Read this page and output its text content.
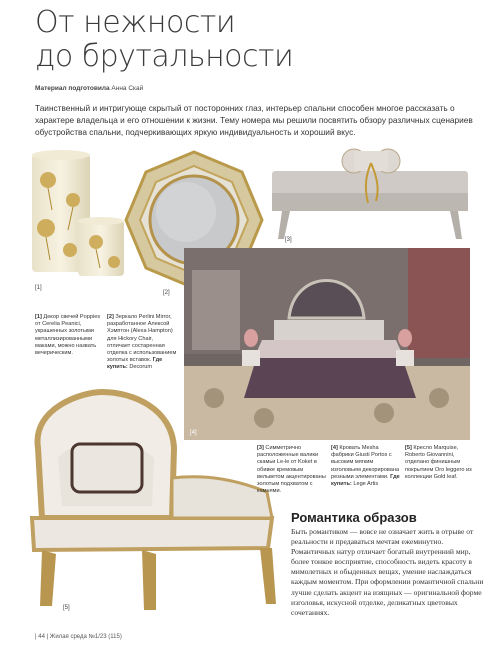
От нежности
до брутальности
Материал подготовила Анна Скай
Таинственный и интригующе скрытый от посторонних глаз, интерьер спальни способен многое рассказать о характере владельца и его отношении к жизни. Тему номера мы решили посвятить обзору различных сценариев обустройства спальни, подчеркивающих яркую индивидуальность и хороший вкус.
[1]
[2]
[3]
[4]
[5]
[1] Декор свечей Poppies от Cerelia Peanici, украшенных золотыми металлизированными маками, можно назвать вечерическим.
[2] Зеркало Perlini Mirror, разработанное Алексой Хэмптон (Alexa Hampton) для Hickory Chair, отличает состаренная отделка с использованием золотых вставок. Где купить: Decorum
[3] Симметрично расположенные валики скамьи Le-le от Koket в обивке кремовым вельветом акцентированы золотым подхватом с камнями.
[4] Кровать Mesha фабрики Giusti Portos с высоким мягким изголовьем декорирована резными элементами. Где купить: Lege Artis
[5] Кресло Marquise, Roberto Giovannini, отделано финишным покрытием Oro leggero из коллекции Gold leaf.
Романтика образов
Быть романтиком — вовсе не означает жить в отрыве от реальности и предаваться мечтам ежеминутно. Романтичных натур отличает богатый внутренний мир, более тонкое восприятие, способность видеть красоту в мимолетных и обыденных вещах, умение наслаждаться каждым моментом. При оформлении романтичной спальни лучше сделать акцент на изящных — оригинальной форме изголовья, искусной отделке, деликатных цветовых сочетаниях.
| 44 | Жилая среда №1/23 (115)
